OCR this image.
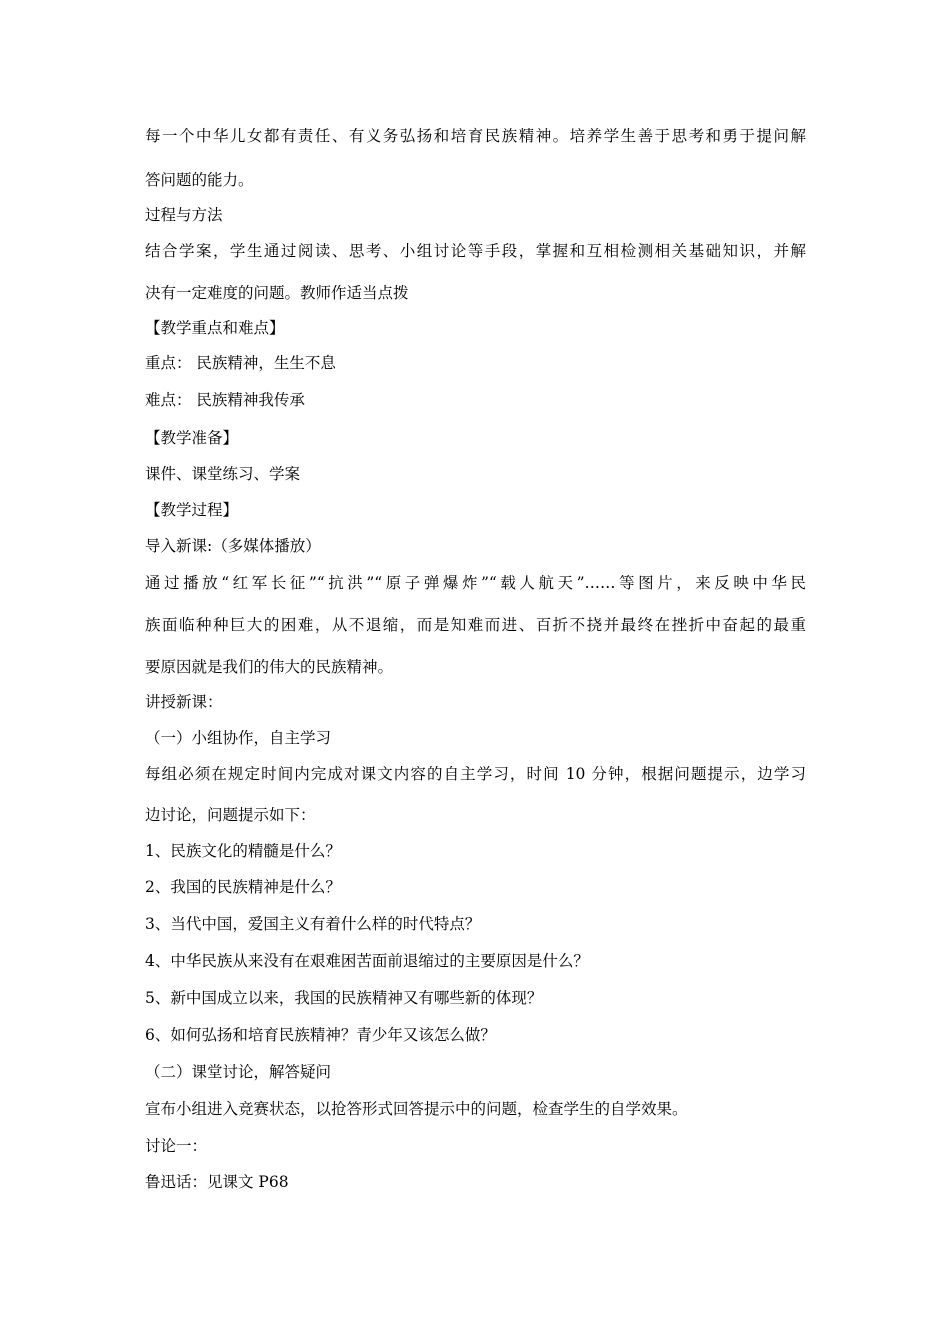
每一个中华儿女都有责任、有义务弘扬和培育民族精神。培养学生善于思考和勇于提问解
答问题的能力。
过程与方法
结合学案，学生通过阅读、思考、小组讨论等手段，掌握和互相检测相关基础知识，并解
决有一定难度的问题。教师作适当点拨
【教学重点和难点】
重点： 民族精神，生生不息
难点： 民族精神我传承
【教学准备】
课件、课堂练习、学案
【教学过程】
导入新课:（多媒体播放）
通过播放“红军长征”“抗洪”“原子弹爆炸”“载人航天”……等图片，来反映中华民
族面临种种巨大的困难，从不退缩，而是知难而进、百折不挠并最终在挫折中奋起的最重
要原因就是我们的伟大的民族精神。
讲授新课：
（一）小组协作，自主学习
每组必须在规定时间内完成对课文内容的自主学习，时间 10 分钟，根据问题提示，边学习
边讨论，问题提示如下：
1、民族文化的精髓是什么？
2、我国的民族精神是什么？
3、当代中国，爱国主义有着什么样的时代特点？
4、中华民族从来没有在艰难困苦面前退缩过的主要原因是什么？
5、新中国成立以来，我国的民族精神又有哪些新的体现？
6、如何弘扬和培育民族精神？青少年又该怎么做？
（二）课堂讨论，解答疑问
宣布小组进入竞赛状态，以抢答形式回答提示中的问题，检查学生的自学效果。
讨论一：
鲁迅话：见课文 P68
